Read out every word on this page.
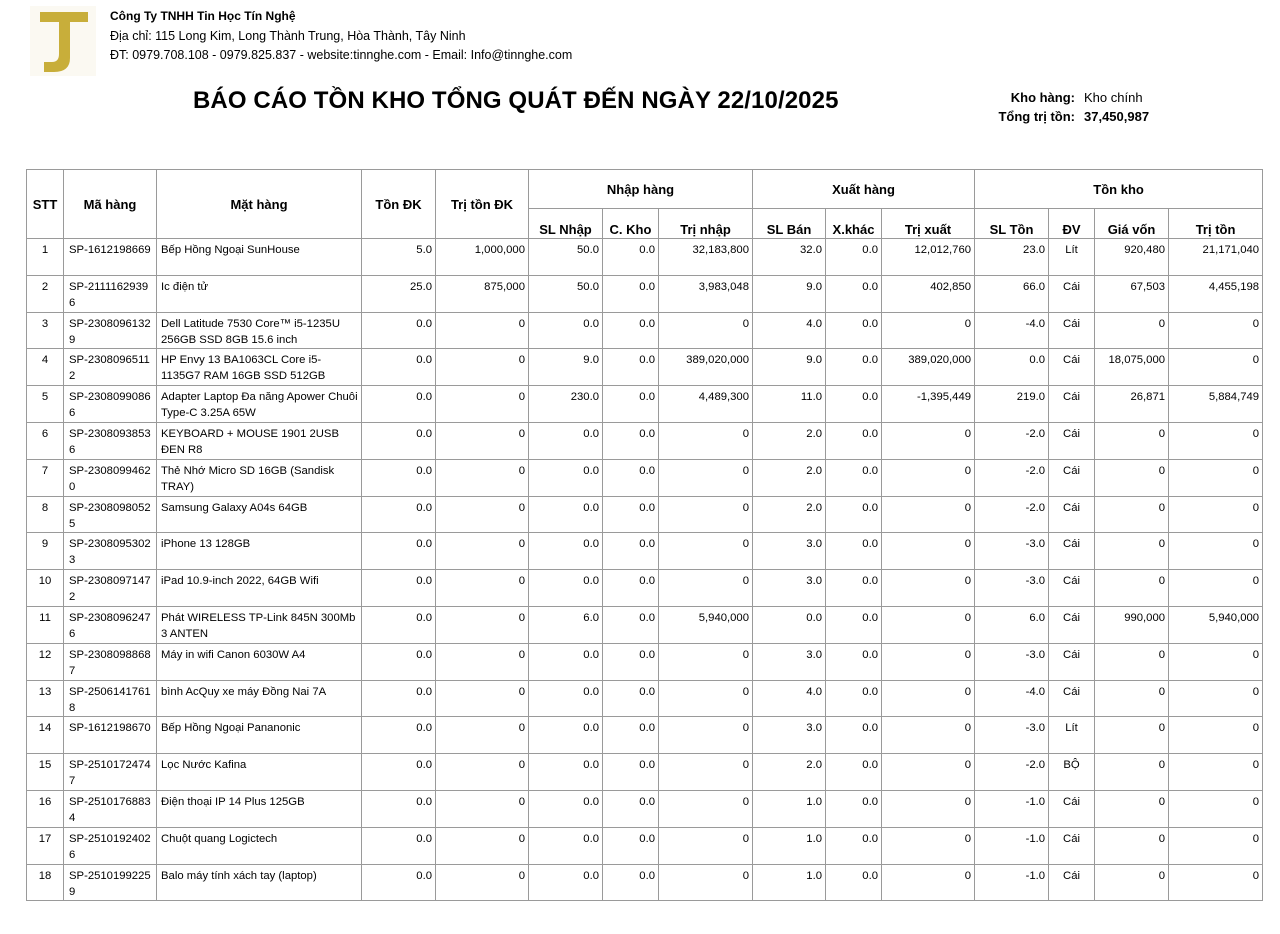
Công Ty TNHH Tin Học Tín Nghệ
Địa chỉ: 115 Long Kim, Long Thành Trung, Hòa Thành, Tây Ninh
ĐT: 0979.708.108 - 0979.825.837 - website:tinnghe.com - Email: Info@tinnghe.com
BÁO CÁO TỒN KHO TỔNG QUÁT ĐẾN NGÀY 22/10/2025	Kho hàng: Kho chính
Tổng trị tồn: 37,450,987
STT	Mã hàng	Mặt hàng	Tồn ĐK	Trị tồn ĐK	Nhập hàng			Xuất hàng			Tồn kho			
					SL Nhập	C. Kho	Trị nhập	SL Bán	X.khác	Trị xuất	SL Tồn	ĐV	Giá vốn	Trị tồn
1	SP-1612198669	Bếp Hồng Ngoại SunHouse	5.0	1,000,000	50.0	0.0	32,183,800	32.0	0.0	12,012,760	23.0	Lít	920,480	21,171,040
2	SP-21111629396	Ic điện tử	25.0	875,000	50.0	0.0	3,983,048	9.0	0.0	402,850	66.0	Cái	67,503	4,455,198
3	SP-23080961329	Dell Latitude 7530 Core™ i5-1235U 256GB SSD 8GB 15.6 inch	0.0	0	0.0	0.0	0	4.0	0.0	0	-4.0	Cái	0	0
4	SP-23080965112	HP Envy 13 BA1063CL Core i5-1135G7 RAM 16GB SSD 512GB	0.0	0	9.0	0.0	389,020,000	9.0	0.0	389,020,000	0.0	Cái	18,075,000	0
5	SP-23080990866	Adapter Laptop Đa năng Apower Chuôi Type-C 3.25A 65W	0.0	0	230.0	0.0	4,489,300	11.0	0.0	-1,395,449	219.0	Cái	26,871	5,884,749
6	SP-23080938536	KEYBOARD + MOUSE 1901 2USB ĐEN R8	0.0	0	0.0	0.0	0	2.0	0.0	0	-2.0	Cái	0	0
7	SP-23080994620	Thẻ Nhớ Micro SD 16GB (Sandisk TRAY)	0.0	0	0.0	0.0	0	2.0	0.0	0	-2.0	Cái	0	0
8	SP-23080980525	Samsung Galaxy A04s 64GB	0.0	0	0.0	0.0	0	2.0	0.0	0	-2.0	Cái	0	0
9	SP-23080953023	iPhone 13 128GB	0.0	0	0.0	0.0	0	3.0	0.0	0	-3.0	Cái	0	0
10	SP-23080971472	iPad 10.9-inch 2022, 64GB Wifi	0.0	0	0.0	0.0	0	3.0	0.0	0	-3.0	Cái	0	0
11	SP-23080962476	Phát WIRELESS TP-Link 845N 300Mb 3 ANTEN	0.0	0	6.0	0.0	5,940,000	0.0	0.0	0	6.0	Cái	990,000	5,940,000
12	SP-23080988687	Máy in wifi Canon 6030W A4	0.0	0	0.0	0.0	0	3.0	0.0	0	-3.0	Cái	0	0
13	SP-25061417618	bình AcQuy xe máy Đồng Nai 7A	0.0	0	0.0	0.0	0	4.0	0.0	0	-4.0	Cái	0	0
14	SP-1612198670	Bếp Hồng Ngoại Pananonic	0.0	0	0.0	0.0	0	3.0	0.0	0	-3.0	Lít	0	0
15	SP-25101724747	Lọc Nước Kafina	0.0	0	0.0	0.0	0	2.0	0.0	0	-2.0	BỘ	0	0
16	SP-25101768834	Điện thoại IP 14 Plus 125GB	0.0	0	0.0	0.0	0	1.0	0.0	0	-1.0	Cái	0	0
17	SP-25101924026	Chuột quang Logictech	0.0	0	0.0	0.0	0	1.0	0.0	0	-1.0	Cái	0	0
18	SP-25101992259	Balo máy tính xách tay (laptop)	0.0	0	0.0	0.0	0	1.0	0.0	0	-1.0	Cái	0	0
